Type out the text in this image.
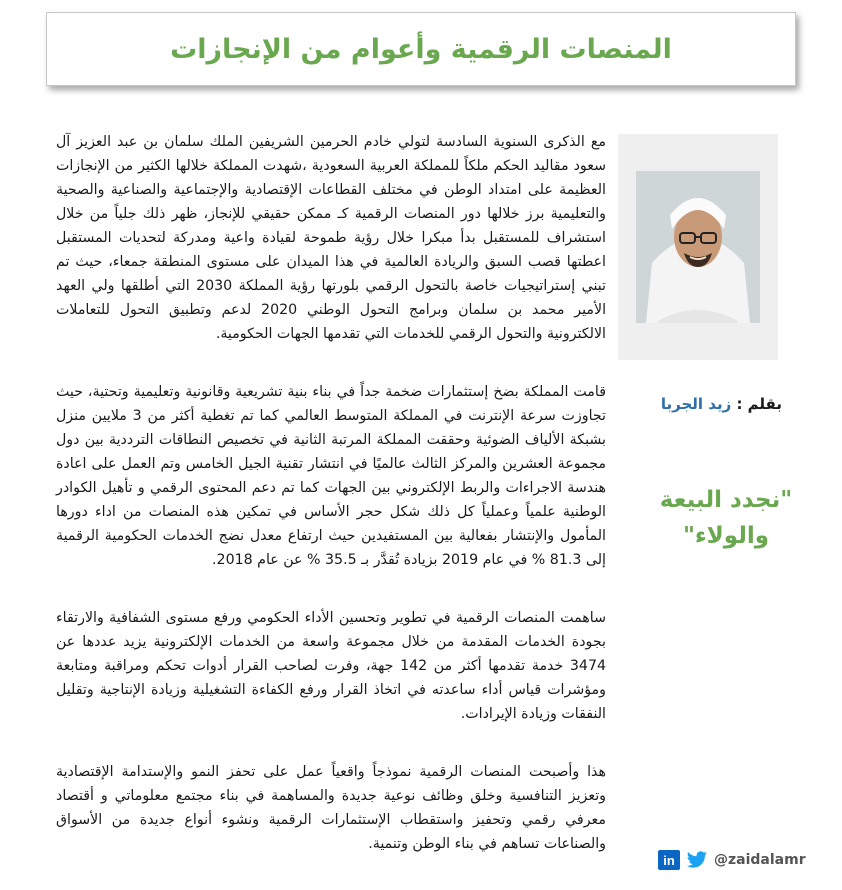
المنصات الرقمية وأعوام من الإنجازات

مع الذكرى السنوية السادسة لتولي خادم الحرمين الشريفين الملك سلمان بن عبد العزيز آل سعود مقاليد الحكم ملكاً للمملكة العربية السعودية ،شهدت المملكة خلالها الكثير من الإنجازات العظيمة على امتداد الوطن في مختلف القطاعات الإقتصادية والإجتماعية والصناعية والصحية والتعليمية برز خلالها دور المنصات الرقمية كـ ممكن حقيقي للإنجاز، ظهر ذلك جلياً من خلال استشراف للمستقبل بدأ مبكرا خلال رؤية طموحة لقيادة واعية ومدركة لتحديات المستقبل اعطتها قصب السبق والريادة العالمية في هذا الميدان على مستوى المنطقة جمعاء، حيث تم تبني إستراتيجيات خاصة بالتحول الرقمي بلورتها رؤية المملكة 2030 التي أطلقها ولي العهد الأمير محمد بن سلمان وبرامج التحول الوطني 2020 لدعم وتطبيق التحول للتعاملات الالكترونية والتحول الرقمي للخدمات التي تقدمها الجهات الحكومية.

قامت المملكة بضخ إستثمارات ضخمة جداً في بناء بنية تشريعية وقانونية وتعليمية وتحتية، حيث تجاوزت سرعة الإنترنت في المملكة المتوسط العالمي كما تم تغطية أكثر من 3 ملايين منزل بشبكة الألياف الضوئية وحققت المملكة المرتبة الثانية في تخصيص النطاقات الترددية بين دول مجموعة العشرين والمركز الثالث عالميًا في انتشار تقنية الجيل الخامس وتم العمل على اعادة هندسة الاجراءات والربط الإلكتروني بين الجهات كما تم دعم المحتوى الرقمي و تأهيل الكوادر الوطنية علمياً وعملياً كل ذلك شكل حجر الأساس في تمكين هذه المنصات من اداء دورها المأمول والإنتشار بفعالية بين المستفيدين حيث ارتفاع معدل نضج الخدمات الحكومية الرقمية إلى 81.3 % في عام 2019 بزيادة تُقدَّر بـ 35.5 % عن عام 2018.

ساهمت المنصات الرقمية في تطوير وتحسين الأداء الحكومي ورفع مستوى الشفافية والارتقاء بجودة الخدمات المقدمة من خلال مجموعة واسعة من الخدمات الإلكترونية يزيد عددها عن 3474 خدمة تقدمها أكثر من 142 جهة، وفرت لصاحب القرار أدوات تحكم ومراقبة ومتابعة ومؤشرات قياس أداء ساعدته في اتخاذ القرار ورفع الكفاءة التشغيلية وزيادة الإنتاجية وتقليل النفقات وزيادة الإيرادات.

هذا وأصبحت المنصات الرقمية نموذجاً واقعياً عمل على تحفز النمو والإستدامة الإقتصادية وتعزيز التنافسية وخلق وظائف نوعية جديدة والمساهمة في بناء مجتمع معلوماتي و أقتصاد معرفي رقمي وتحفيز واستقطاب الإستثمارات الرقمية ونشوء أنواع جديدة من الأسواق والصناعات تساهم في بناء الوطن وتنمية.

بقلم : زيد الجربا
"نجدد البيعة والولاء"
in	@zaidalamr
